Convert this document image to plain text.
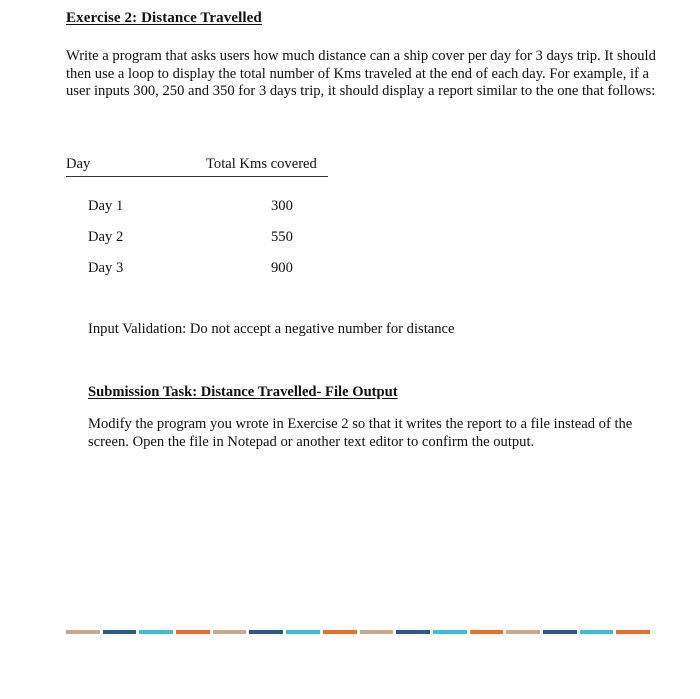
Exercise 2: Distance Travelled
Write a program that asks users how much distance can a ship cover per day for 3 days trip. It should then use a loop to display the total number of Kms traveled at the end of each day. For example, if a user inputs 300, 250 and 350 for 3 days trip, it should display a report similar to the one that follows:
Day	Total Kms covered
Day 1	300
Day 2	550
Day 3	900
Input Validation: Do not accept a negative number for distance
Submission Task: Distance Travelled- File Output
Modify the program you wrote in Exercise 2 so that it writes the report to a file instead of the screen. Open the file in Notepad or another text editor to confirm the output.
